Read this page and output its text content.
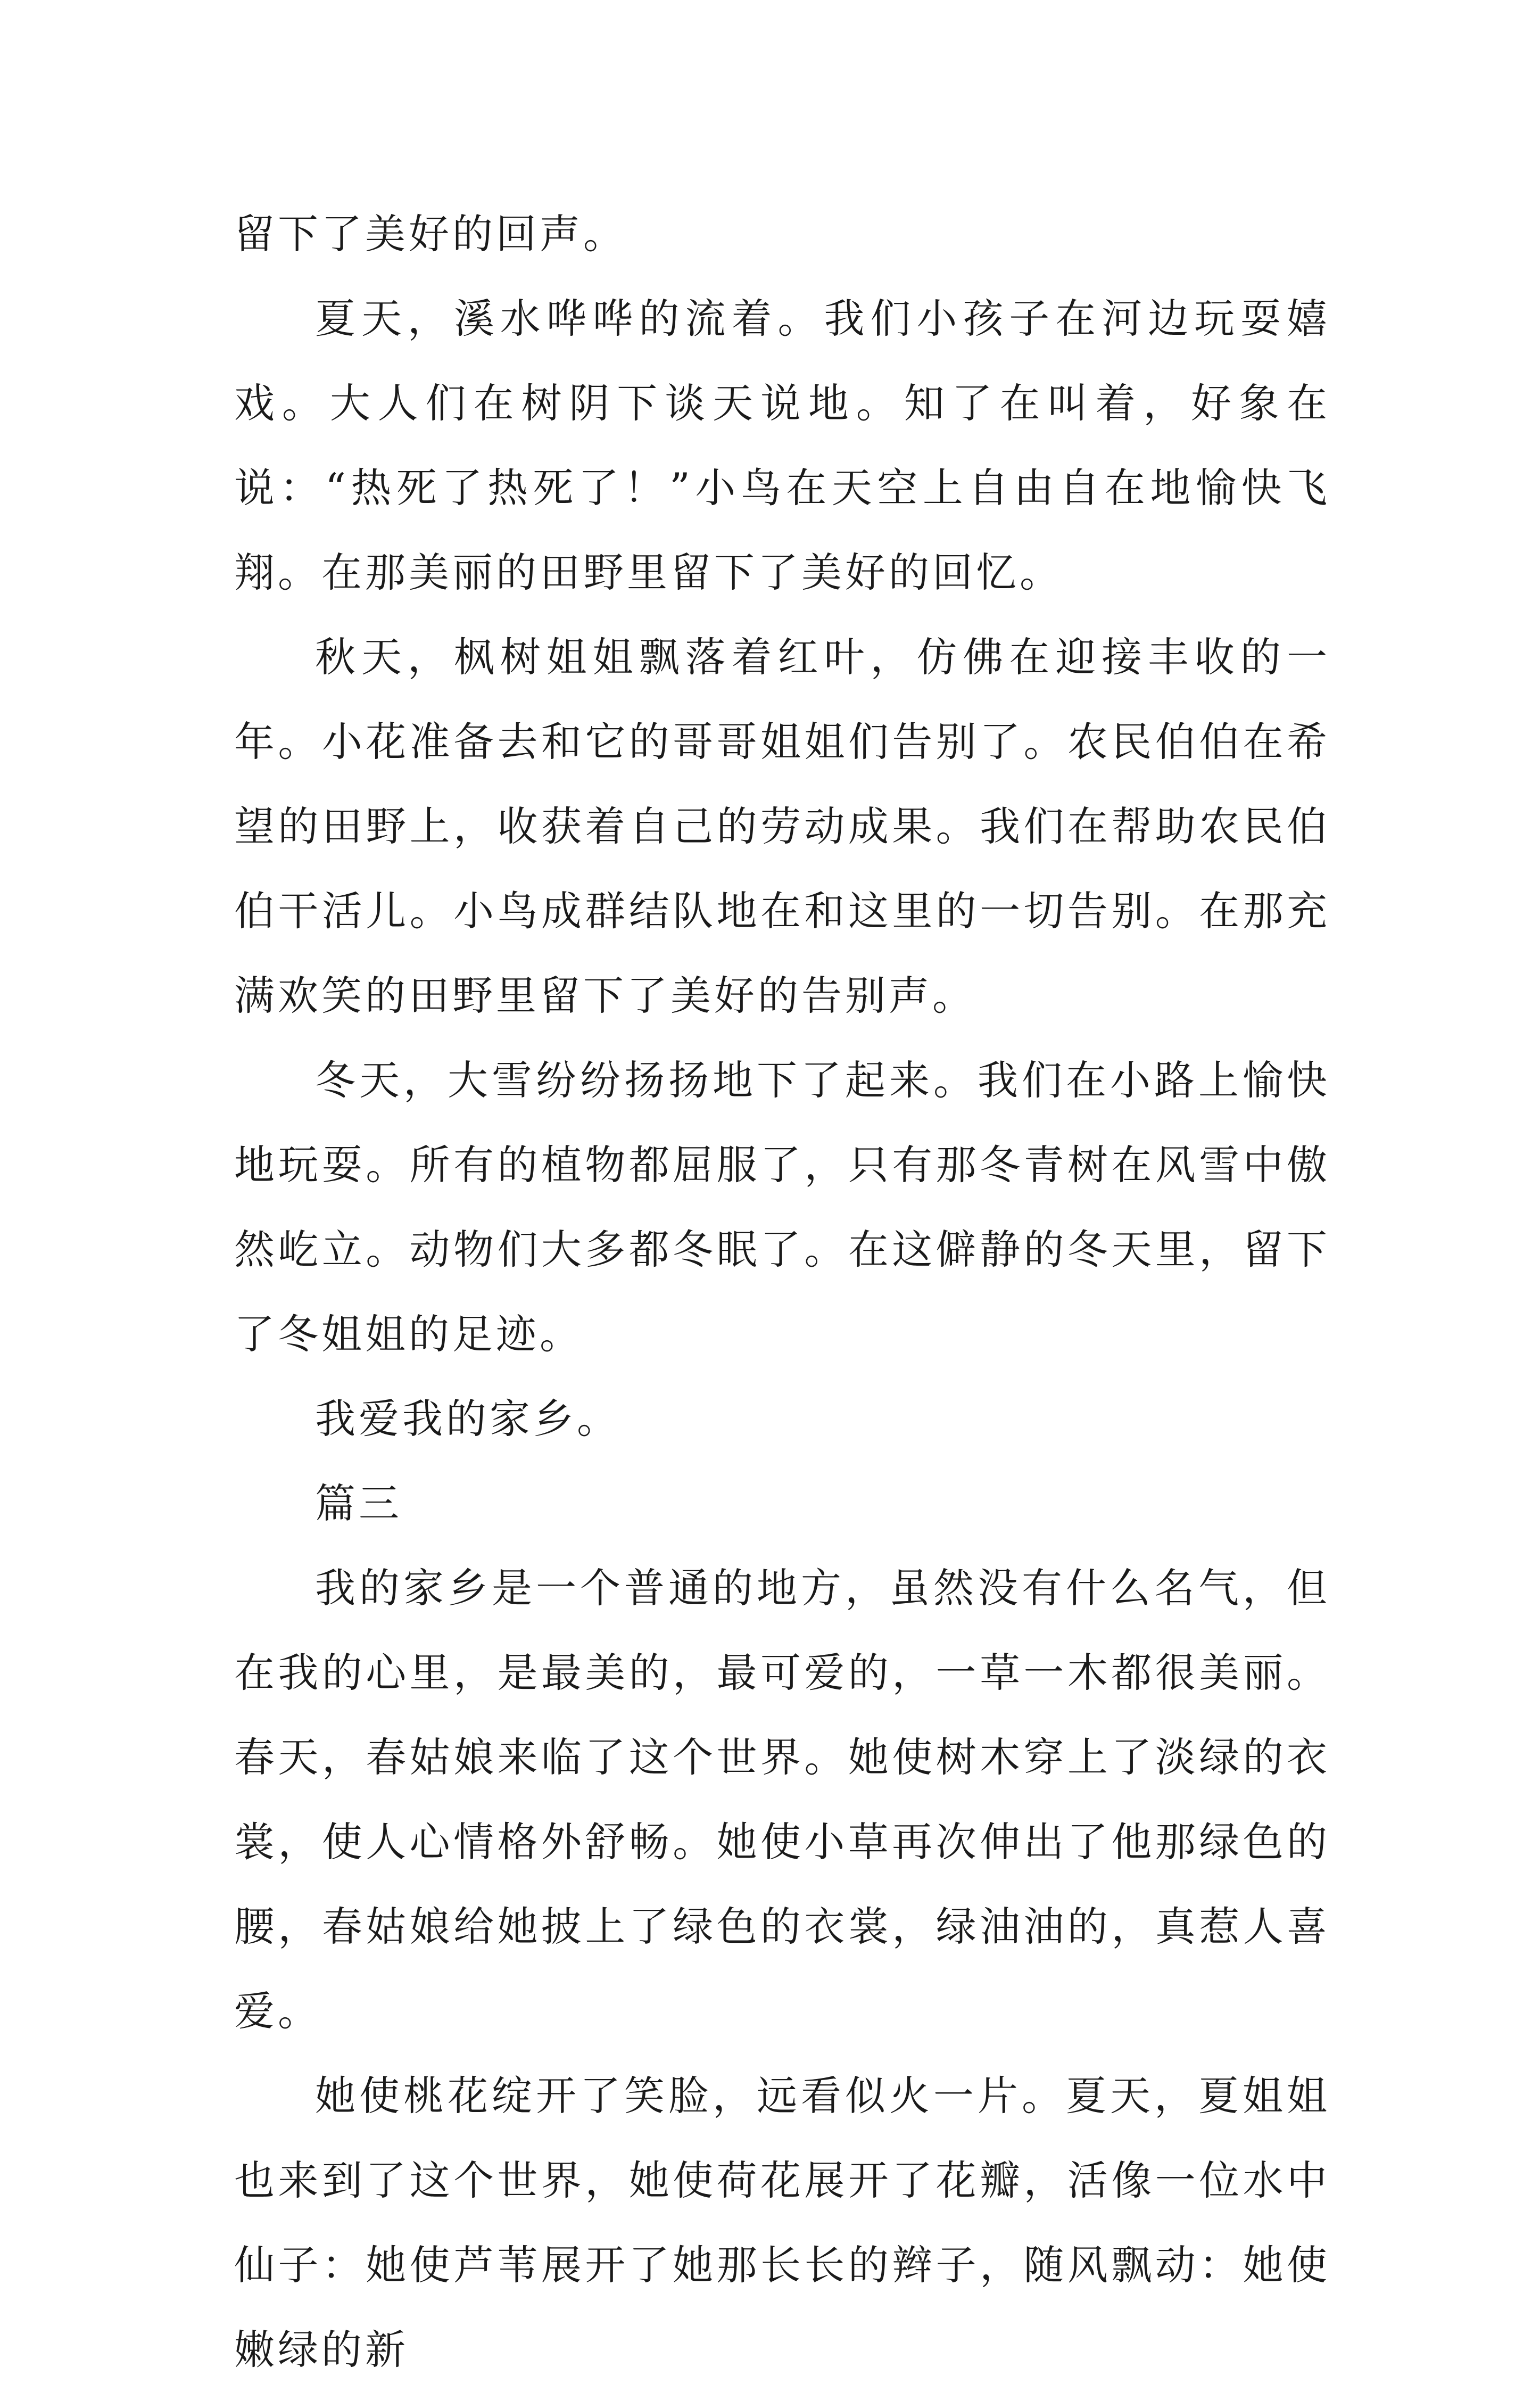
留下了美好的回声。

夏天，溪水哗哗的流着。我们小孩子在河边玩耍嬉戏。大人们在树阴下谈天说地。知了在叫着，好象在说：“热死了热死了！”小鸟在天空上自由自在地愉快飞翔。在那美丽的田野里留下了美好的回忆。

秋天，枫树姐姐飘落着红叶，仿佛在迎接丰收的一年。小花准备去和它的哥哥姐姐们告别了。农民伯伯在希望的田野上，收获着自己的劳动成果。我们在帮助农民伯伯干活儿。小鸟成群结队地在和这里的一切告别。在那充满欢笑的田野里留下了美好的告别声。

冬天，大雪纷纷扬扬地下了起来。我们在小路上愉快地玩耍。所有的植物都屈服了，只有那冬青树在风雪中傲然屹立。动物们大多都冬眠了。在这僻静的冬天里，留下了冬姐姐的足迹。

我爱我的家乡。

篇三

我的家乡是一个普通的地方，虽然没有什么名气，但在我的心里，是最美的，最可爱的，一草一木都很美丽。春天，春姑娘来临了这个世界。她使树木穿上了淡绿的衣裳，使人心情格外舒畅。她使小草再次伸出了他那绿色的腰，春姑娘给她披上了绿色的衣裳，绿油油的，真惹人喜爱。

她使桃花绽开了笑脸，远看似火一片。夏天，夏姐姐也来到了这个世界，她使荷花展开了花瓣，活像一位水中仙子：她使芦苇展开了她那长长的辫子，随风飘动：她使嫩绿的新
